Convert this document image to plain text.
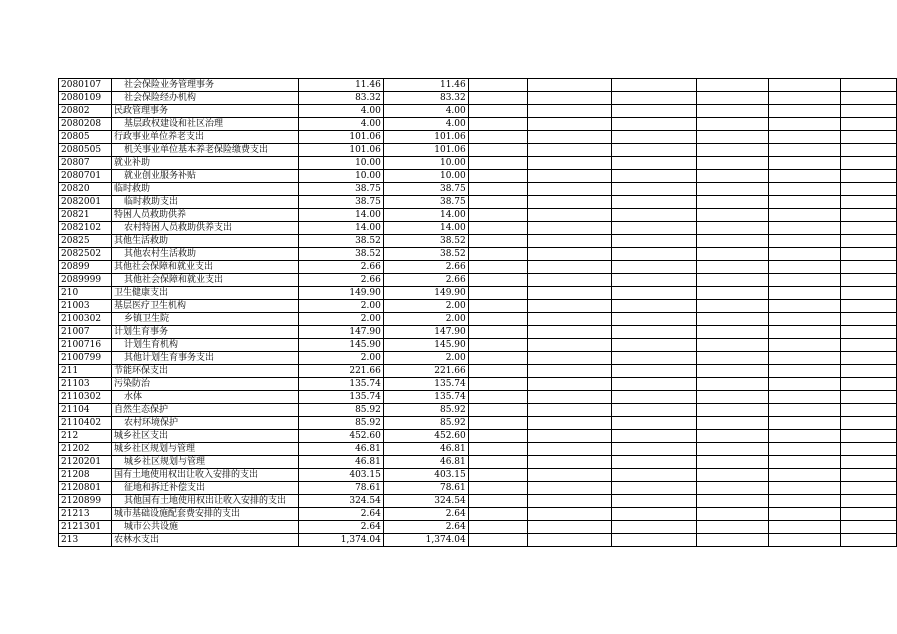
2080107	社会保险业务管理事务	11.46	11.46						
2080109	社会保险经办机构	83.32	83.32						
20802	民政管理事务	4.00	4.00						
2080208	基层政权建设和社区治理	4.00	4.00						
20805	行政事业单位养老支出	101.06	101.06						
2080505	机关事业单位基本养老保险缴费支出	101.06	101.06						
20807	就业补助	10.00	10.00						
2080701	就业创业服务补贴	10.00	10.00						
20820	临时救助	38.75	38.75						
2082001	临时救助支出	38.75	38.75						
20821	特困人员救助供养	14.00	14.00						
2082102	农村特困人员救助供养支出	14.00	14.00						
20825	其他生活救助	38.52	38.52						
2082502	其他农村生活救助	38.52	38.52						
20899	其他社会保障和就业支出	2.66	2.66						
2089999	其他社会保障和就业支出	2.66	2.66						
210	卫生健康支出	149.90	149.90						
21003	基层医疗卫生机构	2.00	2.00						
2100302	乡镇卫生院	2.00	2.00						
21007	计划生育事务	147.90	147.90						
2100716	计划生育机构	145.90	145.90						
2100799	其他计划生育事务支出	2.00	2.00						
211	节能环保支出	221.66	221.66						
21103	污染防治	135.74	135.74						
2110302	水体	135.74	135.74						
21104	自然生态保护	85.92	85.92						
2110402	农村环境保护	85.92	85.92						
212	城乡社区支出	452.60	452.60						
21202	城乡社区规划与管理	46.81	46.81						
2120201	城乡社区规划与管理	46.81	46.81						
21208	国有土地使用权出让收入安排的支出	403.15	403.15						
2120801	征地和拆迁补偿支出	78.61	78.61						
2120899	其他国有土地使用权出让收入安排的支出	324.54	324.54						
21213	城市基础设施配套费安排的支出	2.64	2.64						
2121301	城市公共设施	2.64	2.64						
213	农林水支出	1,374.04	1,374.04						
